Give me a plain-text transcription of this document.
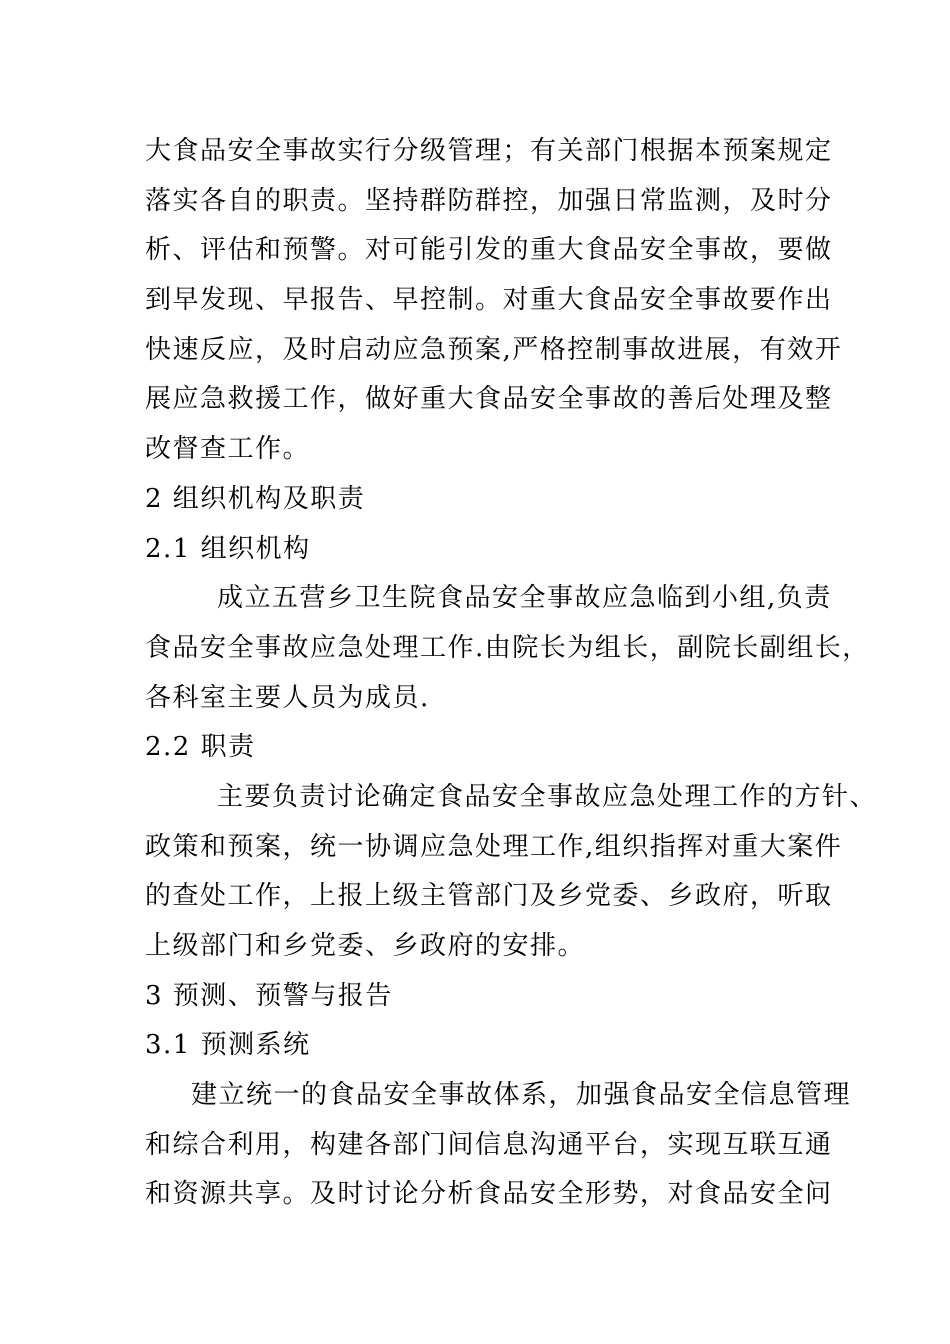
大食品安全事故实行分级管理；有关部门根据本预案规定
落实各自的职责。坚持群防群控，加强日常监测，及时分
析、评估和预警。对可能引发的重大食品安全事故，要做
到早发现、早报告、早控制。对重大食品安全事故要作出
快速反应，及时启动应急预案,严格控制事故进展，有效开
展应急救援工作，做好重大食品安全事故的善后处理及整
改督查工作。
2 组织机构及职责
2.1 组织机构
成立五营乡卫生院食品安全事故应急临到小组,负责
食品安全事故应急处理工作.由院长为组长，副院长副组长，
各科室主要人员为成员.
2.2 职责
主要负责讨论确定食品安全事故应急处理工作的方针、
政策和预案，统一协调应急处理工作,组织指挥对重大案件
的查处工作，上报上级主管部门及乡党委、乡政府，听取
上级部门和乡党委、乡政府的安排。
3 预测、预警与报告
3.1 预测系统
建立统一的食品安全事故体系，加强食品安全信息管理
和综合利用，构建各部门间信息沟通平台，实现互联互通
和资源共享。及时讨论分析食品安全形势，对食品安全问
